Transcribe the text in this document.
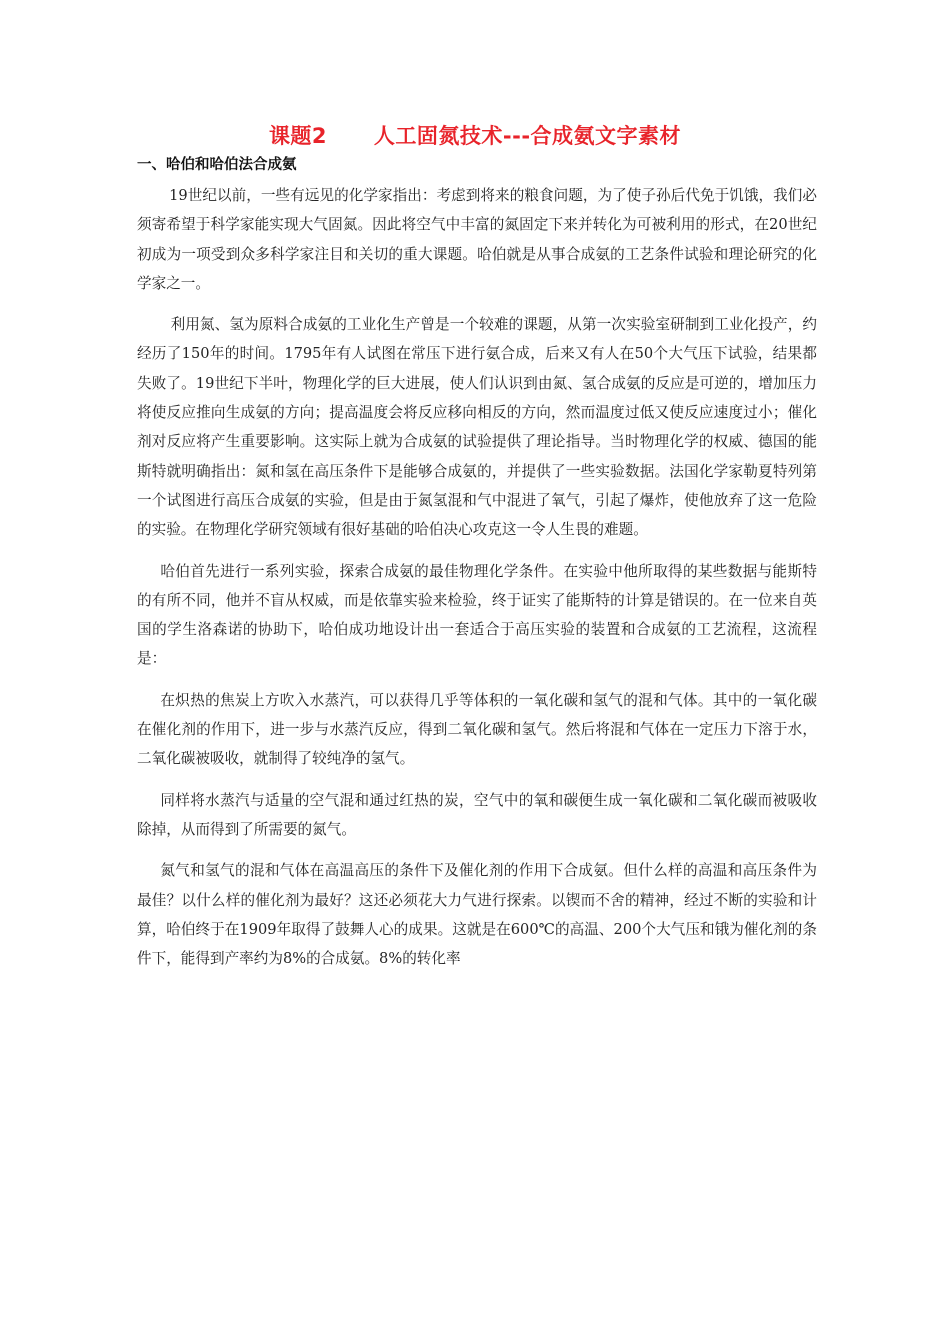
课题2      人工固氮技术---合成氨文字素材
一、哈伯和哈伯法合成氨

19世纪以前，一些有远见的化学家指出：考虑到将来的粮食问题，为了使子孙后代免于饥饿，我们必须寄希望于科学家能实现大气固氮。因此将空气中丰富的氮固定下来并转化为可被利用的形式，在20世纪初成为一项受到众多科学家注目和关切的重大课题。哈伯就是从事合成氨的工艺条件试验和理论研究的化学家之一。

利用氮、氢为原料合成氨的工业化生产曾是一个较难的课题，从第一次实验室研制到工业化投产，约经历了150年的时间。1795年有人试图在常压下进行氨合成，后来又有人在50个大气压下试验，结果都失败了。19世纪下半叶，物理化学的巨大进展，使人们认识到由氮、氢合成氨的反应是可逆的，增加压力将使反应推向生成氨的方向；提高温度会将反应移向相反的方向，然而温度过低又使反应速度过小；催化剂对反应将产生重要影响。这实际上就为合成氨的试验提供了理论指导。当时物理化学的权威、德国的能斯特就明确指出：氮和氢在高压条件下是能够合成氨的，并提供了一些实验数据。法国化学家勒夏特列第一个试图进行高压合成氨的实验，但是由于氮氢混和气中混进了氧气，引起了爆炸，使他放弃了这一危险的实验。在物理化学研究领域有很好基础的哈伯决心攻克这一令人生畏的难题。

哈伯首先进行一系列实验，探索合成氨的最佳物理化学条件。在实验中他所取得的某些数据与能斯特的有所不同，他并不盲从权威，而是依靠实验来检验，终于证实了能斯特的计算是错误的。在一位来自英国的学生洛森诺的协助下，哈伯成功地设计出一套适合于高压实验的装置和合成氨的工艺流程，这流程是：

在炽热的焦炭上方吹入水蒸汽，可以获得几乎等体积的一氧化碳和氢气的混和气体。其中的一氧化碳在催化剂的作用下，进一步与水蒸汽反应，得到二氧化碳和氢气。然后将混和气体在一定压力下溶于水，二氧化碳被吸收，就制得了较纯净的氢气。

同样将水蒸汽与适量的空气混和通过红热的炭，空气中的氧和碳便生成一氧化碳和二氧化碳而被吸收除掉，从而得到了所需要的氮气。

氮气和氢气的混和气体在高温高压的条件下及催化剂的作用下合成氨。但什么样的高温和高压条件为最佳？以什么样的催化剂为最好？这还必须花大力气进行探索。以锲而不舍的精神，经过不断的实验和计算，哈伯终于在1909年取得了鼓舞人心的成果。这就是在600℃的高温、200个大气压和锇为催化剂的条件下，能得到产率约为8%的合成氨。8%的转化率
